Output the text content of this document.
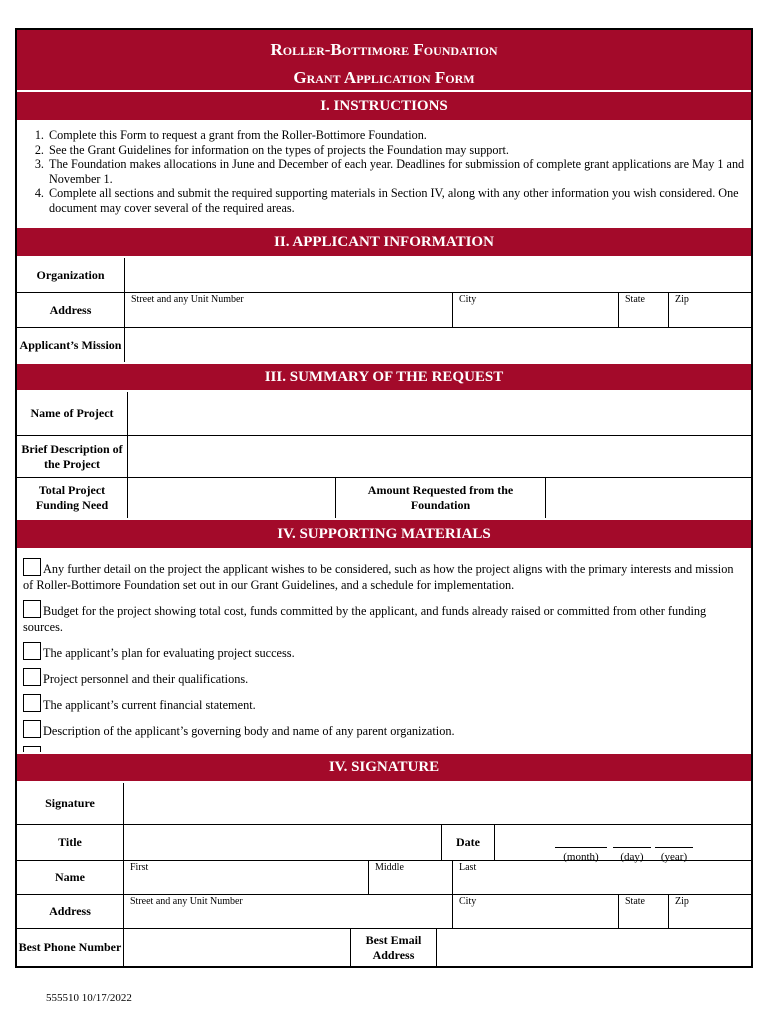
Roller-Bottimore Foundation
Grant Application Form
I. INSTRUCTIONS
1. Complete this Form to request a grant from the Roller-Bottimore Foundation.
2. See the Grant Guidelines for information on the types of projects the Foundation may support.
3. The Foundation makes allocations in June and December of each year. Deadlines for submission of complete grant applications are May 1 and November 1.
4. Complete all sections and submit the required supporting materials in Section IV, along with any other information you wish considered. One document may cover several of the required areas.
II. APPLICANT INFORMATION
Organization
Address
Street and any Unit Number	City	State	Zip
Applicant’s Mission
III. SUMMARY OF THE REQUEST
Name of Project
Brief Description of the Project
Total Project Funding Need
Amount Requested from the Foundation
IV. SUPPORTING MATERIALS
Any further detail on the project the applicant wishes to be considered, such as how the project aligns with the primary interests and mission of Roller-Bottimore Foundation set out in our Grant Guidelines, and a schedule for implementation.
Budget for the project showing total cost, funds committed by the applicant, and funds already raised or committed from other funding sources.
The applicant’s plan for evaluating project success.
Project personnel and their qualifications.
The applicant’s current financial statement.
Description of the applicant’s governing body and name of any parent organization.
IV. SIGNATURE
Signature
Title	Date
(month)	(day)	(year)
Name
First	Middle	Last
Address
Street and any Unit Number	City	State	Zip
Best Phone Number
Best Email Address
555510 10/17/2022
